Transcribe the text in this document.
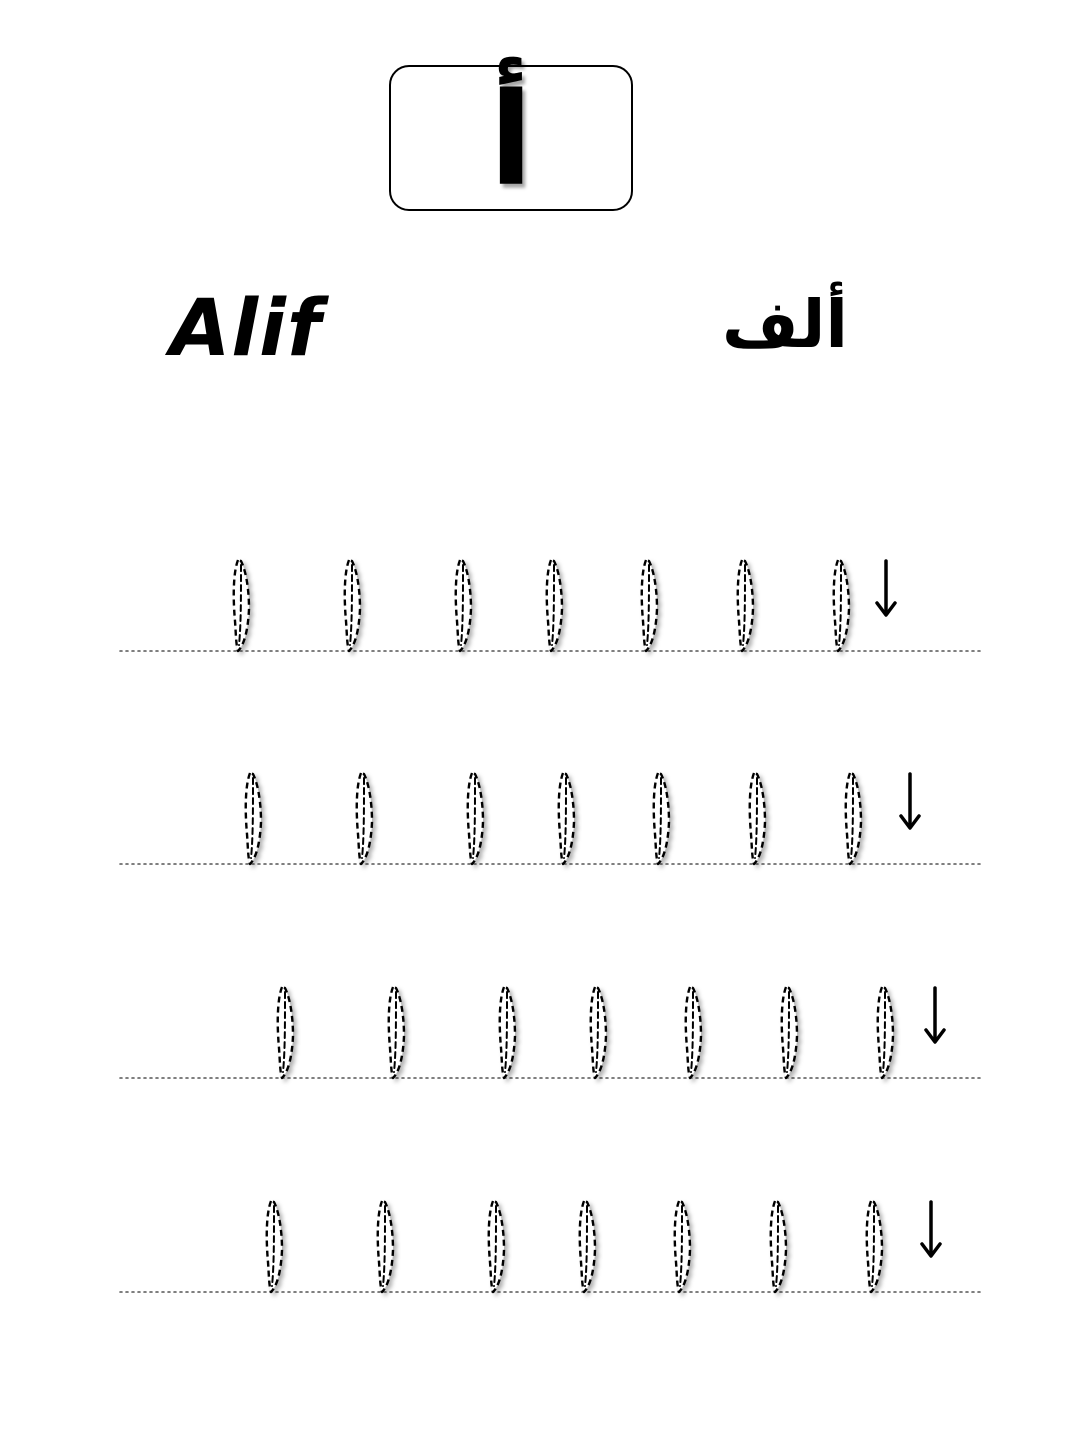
أ
Alif	ألف
